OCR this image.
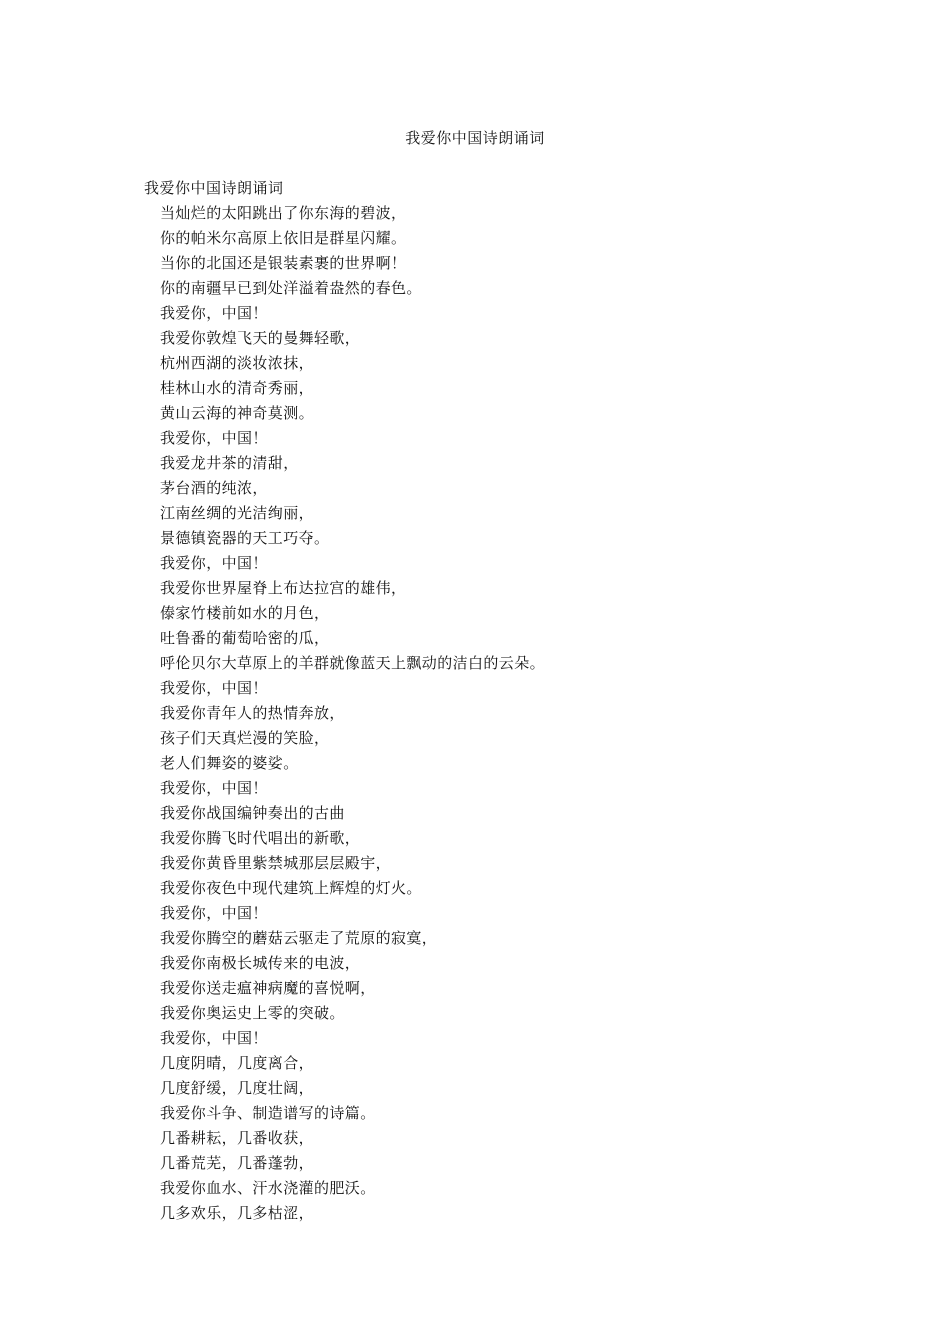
我爱你中国诗朗诵词
我爱你中国诗朗诵词
当灿烂的太阳跳出了你东海的碧波，
你的帕米尔高原上依旧是群星闪耀。
当你的北国还是银装素裹的世界啊！
你的南疆早已到处洋溢着盎然的春色。
我爱你，中国！
我爱你敦煌飞天的曼舞轻歌，
杭州西湖的淡妆浓抹，
桂林山水的清奇秀丽，
黄山云海的神奇莫测。
我爱你，中国！
我爱龙井茶的清甜，
茅台酒的纯浓，
江南丝绸的光洁绚丽，
景德镇瓷器的天工巧夺。
我爱你，中国！
我爱你世界屋脊上布达拉宫的雄伟，
傣家竹楼前如水的月色，
吐鲁番的葡萄哈密的瓜，
呼伦贝尔大草原上的羊群就像蓝天上飘动的洁白的云朵。
我爱你，中国！
我爱你青年人的热情奔放，
孩子们天真烂漫的笑脸，
老人们舞姿的婆娑。
我爱你，中国！
我爱你战国编钟奏出的古曲
我爱你腾飞时代唱出的新歌，
我爱你黄昏里紫禁城那层层殿宇，
我爱你夜色中现代建筑上辉煌的灯火。
我爱你，中国！
我爱你腾空的蘑菇云驱走了荒原的寂寞，
我爱你南极长城传来的电波，
我爱你送走瘟神病魔的喜悦啊，
我爱你奥运史上零的突破。
我爱你，中国！
几度阴晴，几度离合，
几度舒缓，几度壮阔，
我爱你斗争、制造谱写的诗篇。
几番耕耘，几番收获，
几番荒芜，几番蓬勃，
我爱你血水、汗水浇灌的肥沃。
几多欢乐，几多枯涩，
